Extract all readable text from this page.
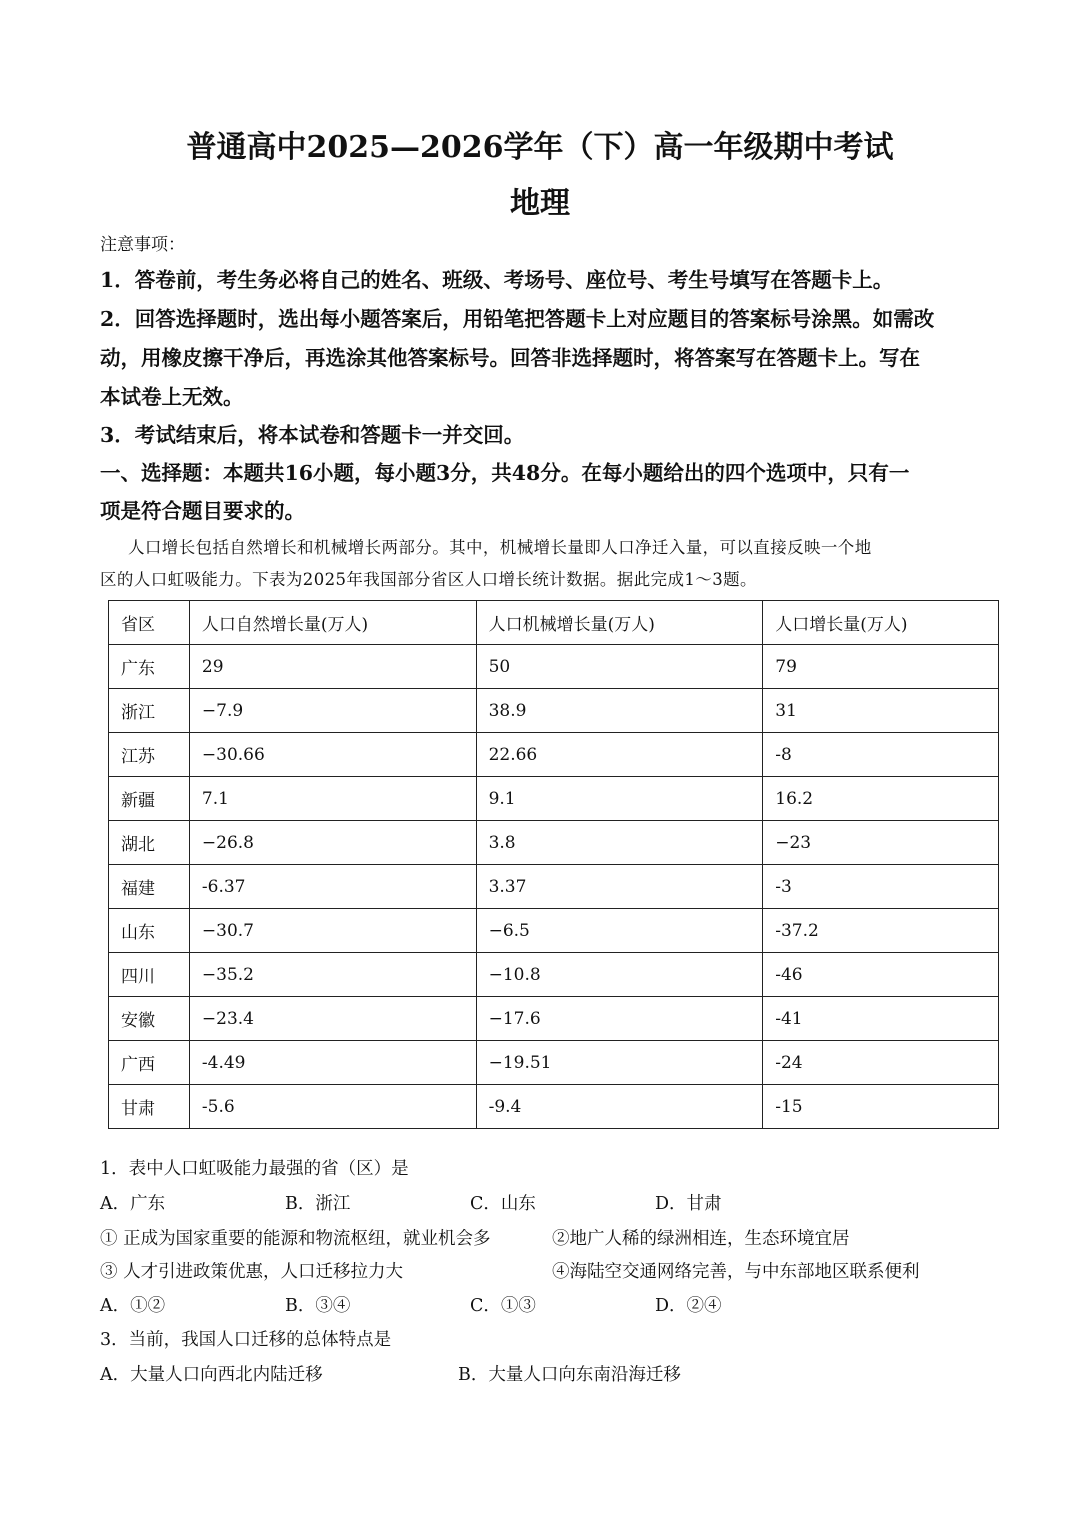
普通高中2025—2026学年（下）高一年级期中考试
地理
注意事项：
1．答卷前，考生务必将自己的姓名、班级、考场号、座位号、考生号填写在答题卡上。
2．回答选择题时，选出每小题答案后，用铅笔把答题卡上对应题目的答案标号涂黑。如需改
动，用橡皮擦干净后，再选涂其他答案标号。回答非选择题时，将答案写在答题卡上。写在
本试卷上无效。
3．考试结束后，将本试卷和答题卡一并交回。
一、选择题：本题共16小题，每小题3分，共48分。在每小题给出的四个选项中，只有一
项是符合题目要求的。
人口增长包括自然增长和机械增长两部分。其中，机械增长量即人口净迁入量，可以直接反映一个地
区的人口虹吸能力。下表为2025年我国部分省区人口增长统计数据。据此完成1～3题。
省区	人口自然增长量(万人)	人口机械增长量(万人)	人口增长量(万人)
广东	29	50	79
浙江	−7.9	38.9	31
江苏	−30.66	22.66	-8
新疆	7.1	9.1	16.2
湖北	−26.8	3.8	−23
福建	-6.37	3.37	-3
山东	−30.7	−6.5	-37.2
四川	−35.2	−10.8	-46
安徽	−23.4	−17.6	-41
广西	-4.49	−19.51	-24
甘肃	-5.6	-9.4	-15
1．表中人口虹吸能力最强的省（区）是
A．广东	B．浙江	C．山东	D．甘肃
① 正成为国家重要的能源和物流枢纽，就业机会多	②地广人稀的绿洲相连，生态环境宜居
③ 人才引进政策优惠，人口迁移拉力大	④海陆空交通网络完善，与中东部地区联系便利
A．①②	B．③④	C．①③	D．②④
3．当前，我国人口迁移的总体特点是
A．大量人口向西北内陆迁移	B．大量人口向东南沿海迁移
